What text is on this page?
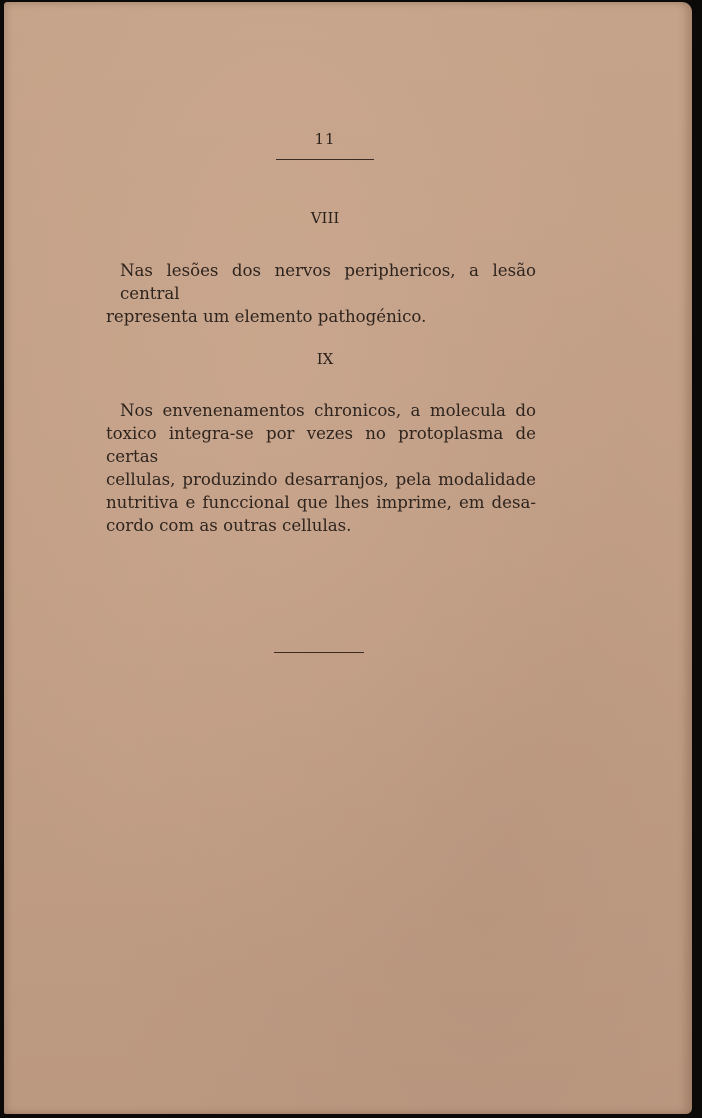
11
VIII

Nas lesões dos nervos periphericos, a lesão central
representa um elemento pathogénico.

IX

Nos envenenamentos chronicos, a molecula do
toxico integra-se por vezes no protoplasma de certas
cellulas, produzindo desarranjos, pela modalidade
nutritiva e funccional que lhes imprime, em desa-
cordo com as outras cellulas.
